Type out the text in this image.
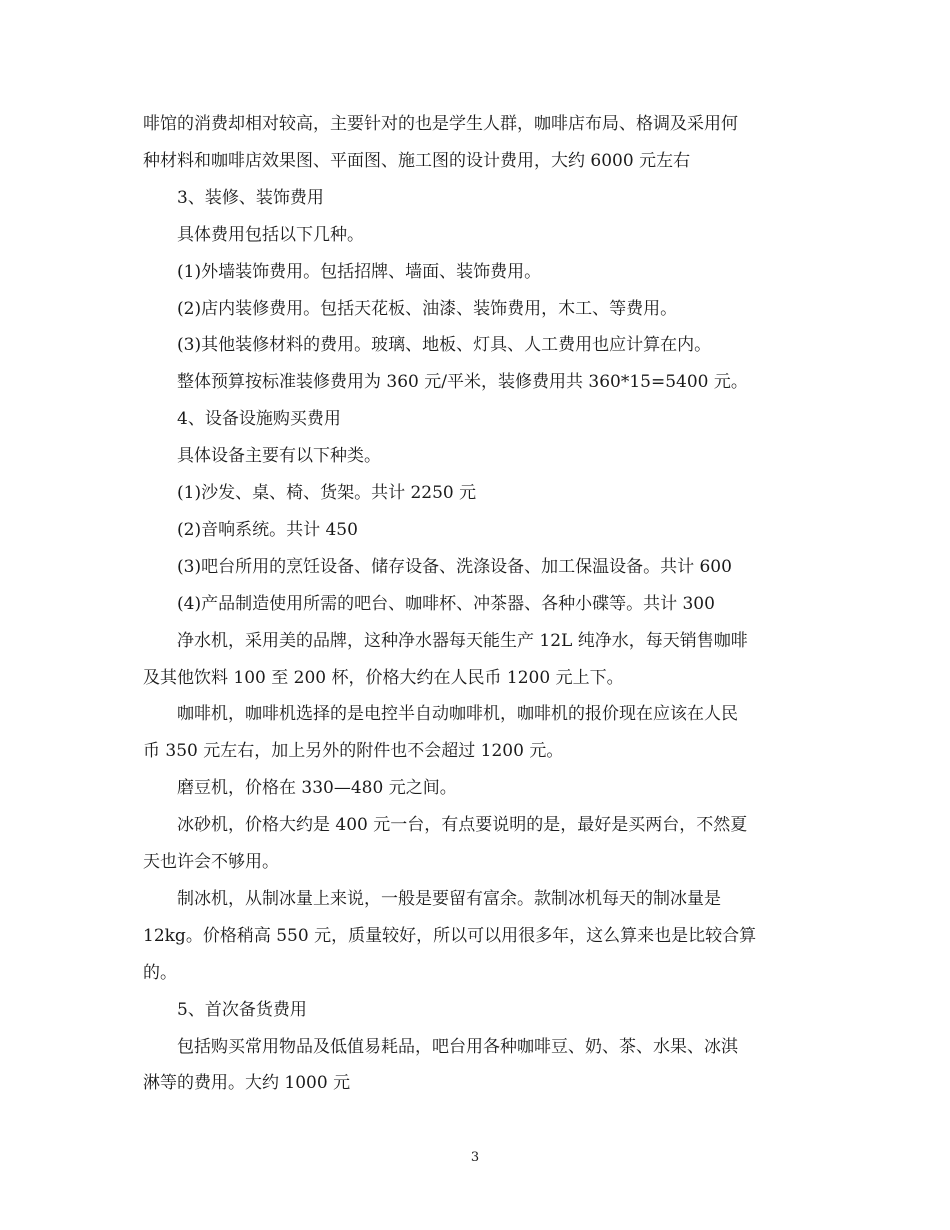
啡馆的消费却相对较高，主要针对的也是学生人群，咖啡店布局、格调及采用何
种材料和咖啡店效果图、平面图、施工图的设计费用，大约 6000 元左右
3、装修、装饰费用
具体费用包括以下几种。
(1)外墙装饰费用。包括招牌、墙面、装饰费用。
(2)店内装修费用。包括天花板、油漆、装饰费用，木工、等费用。
(3)其他装修材料的费用。玻璃、地板、灯具、人工费用也应计算在内。
整体预算按标准装修费用为 360 元/平米，装修费用共 360*15=5400 元。
4、设备设施购买费用
具体设备主要有以下种类。
(1)沙发、桌、椅、货架。共计 2250 元
(2)音响系统。共计 450
(3)吧台所用的烹饪设备、储存设备、洗涤设备、加工保温设备。共计 600
(4)产品制造使用所需的吧台、咖啡杯、冲茶器、各种小碟等。共计 300
净水机，采用美的品牌，这种净水器每天能生产 12L 纯净水，每天销售咖啡
及其他饮料 100 至 200 杯，价格大约在人民币 1200 元上下。
咖啡机，咖啡机选择的是电控半自动咖啡机，咖啡机的报价现在应该在人民
币 350 元左右，加上另外的附件也不会超过 1200 元。
磨豆机，价格在 330—480 元之间。
冰砂机，价格大约是 400 元一台，有点要说明的是，最好是买两台，不然夏
天也许会不够用。
制冰机，从制冰量上来说，一般是要留有富余。款制冰机每天的制冰量是
12kg。价格稍高 550 元，质量较好，所以可以用很多年，这么算来也是比较合算
的。
5、首次备货费用
包括购买常用物品及低值易耗品，吧台用各种咖啡豆、奶、茶、水果、冰淇
淋等的费用。大约 1000 元
3
